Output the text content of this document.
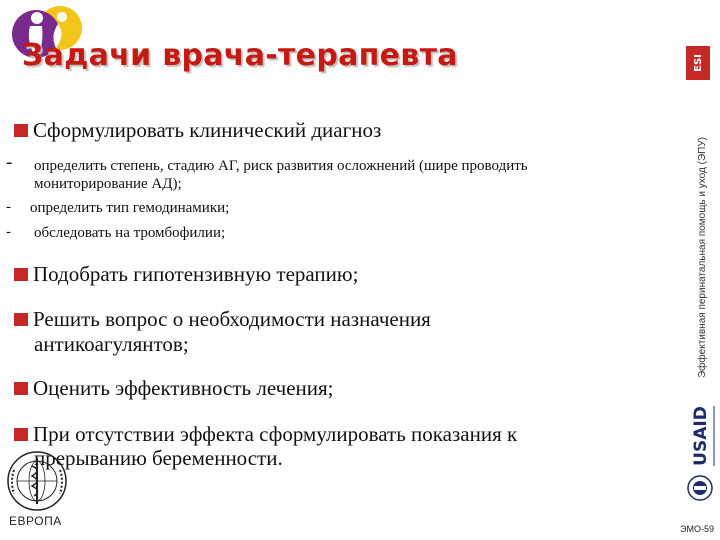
Задачи врача-терапевта	ЕЅІ
Эффективная перинатальная помощь и уход (ЭПУ)
Сформулировать клинический диагноз
- определить степень, стадию АГ, риск развития осложнений (шире проводить
мониторирование АД);
- определить тип гемодинамики;
- обследовать на тромбофилии;
Подобрать гипотензивную терапию;
Решить вопрос о необходимости назначения
антикоагулянтов;
Оценить эффективность лечения;
При отсутствии эффекта сформулировать показания к
прерыванию беременности.
ЕВРОПА
USAID
ЭМО-59
